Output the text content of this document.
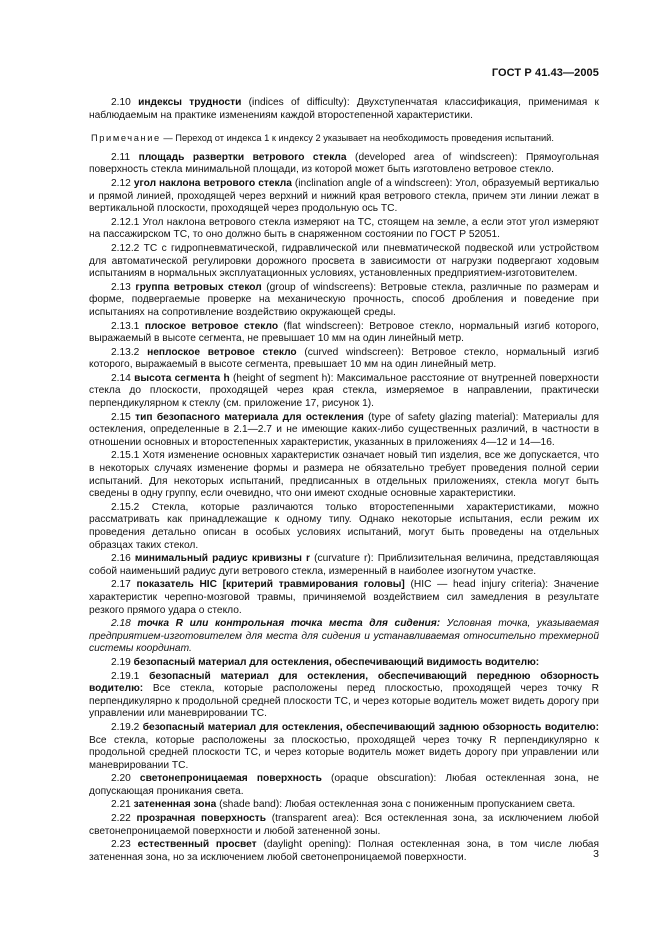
ГОСТ Р 41.43—2005

2.10 индексы трудности (indices of difficulty): Двухступенчатая классификация, применимая к наблюдаемым на практике изменениям каждой второстепенной характеристики.

Примечание — Переход от индекса 1 к индексу 2 указывает на необходимость проведения испытаний.

2.11 площадь развертки ветрового стекла (developed area of windscreen): Прямоугольная поверхность стекла минимальной площади, из которой может быть изготовлено ветровое стекло.

2.12 угол наклона ветрового стекла (inclination angle of a windscreen): Угол, образуемый вертикалью и прямой линией, проходящей через верхний и нижний края ветрового стекла, причем эти линии лежат в вертикальной плоскости, проходящей через продольную ось ТС.

2.12.1 Угол наклона ветрового стекла измеряют на ТС, стоящем на земле, а если этот угол измеряют на пассажирском ТС, то оно должно быть в снаряженном состоянии по ГОСТ Р 52051.

2.12.2 ТС с гидропневматической, гидравлической или пневматической подвеской или устройством для автоматической регулировки дорожного просвета в зависимости от нагрузки подвергают ходовым испытаниям в нормальных эксплуатационных условиях, установленных предприятием-изготовителем.

2.13 группа ветровых стекол (group of windscreens): Ветровые стекла, различные по размерам и форме, подвергаемые проверке на механическую прочность, способ дробления и поведение при испытаниях на сопротивление воздействию окружающей среды.

2.13.1 плоское ветровое стекло (flat windscreen): Ветровое стекло, нормальный изгиб которого, выражаемый в высоте сегмента, не превышает 10 мм на один линейный метр.

2.13.2 неплоское ветровое стекло (curved windscreen): Ветровое стекло, нормальный изгиб которого, выражаемый в высоте сегмента, превышает 10 мм на один линейный метр.

2.14 высота сегмента h (height of segment h): Максимальное расстояние от внутренней поверхности стекла до плоскости, проходящей через края стекла, измеряемое в направлении, практически перпендикулярном к стеклу (см. приложение 17, рисунок 1).

2.15 тип безопасного материала для остекления (type of safety glazing material): Материалы для остекления, определенные в 2.1—2.7 и не имеющие каких-либо существенных различий, в частности в отношении основных и второстепенных характеристик, указанных в приложениях 4—12 и 14—16.

2.15.1 Хотя изменение основных характеристик означает новый тип изделия, все же допускается, что в некоторых случаях изменение формы и размера не обязательно требует проведения полной серии испытаний. Для некоторых испытаний, предписанных в отдельных приложениях, стекла могут быть сведены в одну группу, если очевидно, что они имеют сходные основные характеристики.

2.15.2 Стекла, которые различаются только второстепенными характеристиками, можно рассматривать как принадлежащие к одному типу. Однако некоторые испытания, если режим их проведения детально описан в особых условиях испытаний, могут быть проведены на отдельных образцах таких стекол.

2.16 минимальный радиус кривизны r (curvature r): Приблизительная величина, представляющая собой наименьший радиус дуги ветрового стекла, измеренный в наиболее изогнутом участке.

2.17 показатель HIC [критерий травмирования головы] (HIC — head injury criteria): Значение характеристик черепно-мозговой травмы, причиняемой воздействием сил замедления в результате резкого прямого удара о стекло.

2.18 точка R или контрольная точка места для сидения: Условная точка, указываемая предприятием-изготовителем для места для сидения и устанавливаемая относительно трехмерной системы координат.

2.19 безопасный материал для остекления, обеспечивающий видимость водителю:

2.19.1 безопасный материал для остекления, обеспечивающий переднюю обзорность водителю: Все стекла, которые расположены перед плоскостью, проходящей через точку R перпендикулярно к продольной средней плоскости ТС, и через которые водитель может видеть дорогу при управлении или маневрировании ТС.

2.19.2 безопасный материал для остекления, обеспечивающий заднюю обзорность водителю: Все стекла, которые расположены за плоскостью, проходящей через точку R перпендикулярно к продольной средней плоскости ТС, и через которые водитель может видеть дорогу при управлении или маневрировании ТС.

2.20 светонепроницаемая поверхность (opaque obscuration): Любая остекленная зона, не допускающая проникания света.

2.21 затененная зона (shade band): Любая остекленная зона с пониженным пропусканием света.

2.22 прозрачная поверхность (transparent area): Вся остекленная зона, за исключением любой светонепроницаемой поверхности и любой затененной зоны.

2.23 естественный просвет (daylight opening): Полная остекленная зона, в том числе любая затененная зона, но за исключением любой светонепроницаемой поверхности.	3
